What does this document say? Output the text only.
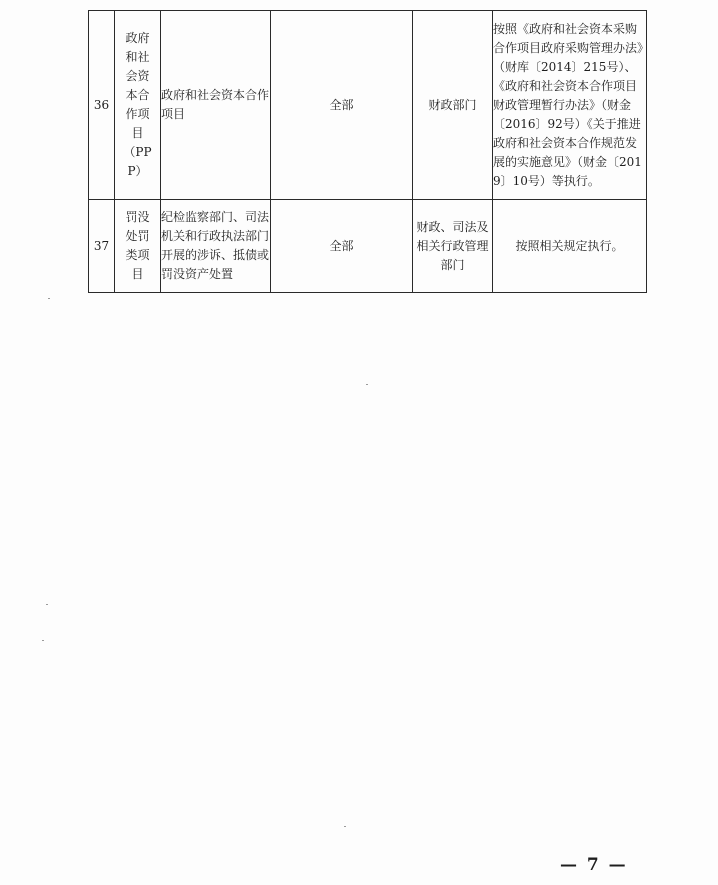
36	政府和社会资本合作项目（PPP）	政府和社会资本合作项目	全部	财政部门	按照《政府和社会资本采购合作项目政府采购管理办法》（财库〔2014〕215号）、《政府和社会资本合作项目财政管理暂行办法》（财金〔2016〕92号）《关于推进政府和社会资本合作规范发展的实施意见》（财金〔2019〕10号）等执行。
37	罚没处罚类项目	纪检监察部门、司法机关和行政执法部门开展的涉诉、抵债或罚没资产处置	全部	财政、司法及相关行政管理部门	按照相关规定执行。
— 7 —
